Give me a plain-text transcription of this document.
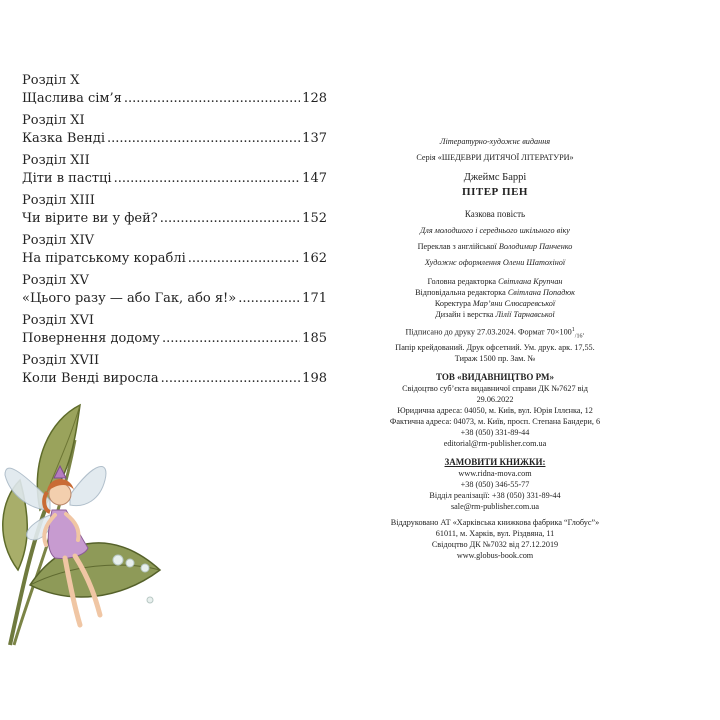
Розділ X
Щаслива сім’я .....	128
Розділ XI
Казка Венді .....	137
Розділ XII
Діти в пастці .....	147
Розділ XIII
Чи вірите ви у фей? .....	152
Розділ XIV
На піратському кораблі .....	162
Розділ XV
«Цього разу — або Гак, або я!» .....	171
Розділ XVI
Повернення додому .....	185
Розділ XVII
Коли Венді виросла .....	198
Літературно-художнє видання
Серія «ШЕДЕВРИ ДИТЯЧОЇ ЛІТЕРАТУРИ»
Джеймс Баррі
ПІТЕР ПЕН
Казкова повість
Для молодшого і середнього шкільного віку
Переклав з англійської Володимир Панченко
Художнє оформлення Олени Шатохіної
Головна редакторка Світлана Крупчан
Відповідальна редакторка Світлана Попадюк
Коректура Мар’яни Слюсаревської
Дизайн і верстка Лілії Тарнавської
Підписано до друку 27.03.2024. Формат $70\times 100^1_{/16}$.
Папір крейдований. Друк офсетний. Ум. друк. арк. 17,55.
Тираж 1500 пр. Зам. №
ТОВ «ВИДАВНИЦТВО РМ»
Свідоцтво суб’єкта видавничої справи ДК №7627 від 29.06.2022
Юридична адреса: 04050, м. Київ, вул. Юрія Іллєнка, 12
Фактична адреса: 04073, м. Київ, просп. Степана Бандери, 6
+38 (050) 331-89-44
editorial@rm-publisher.com.ua
ЗАМОВИТИ КНИЖКИ:
www.ridna-mova.com
+38 (050) 346-55-77
Відділ реалізації: +38 (050) 331-89-44
sale@rm-publisher.com.ua
Віддруковано АТ «Харківська книжкова фабрика “Глобус”»
61011, м. Харків, вул. Різдвяна, 11
Свідоцтво ДК №7032 від 27.12.2019
www.globus-book.com
